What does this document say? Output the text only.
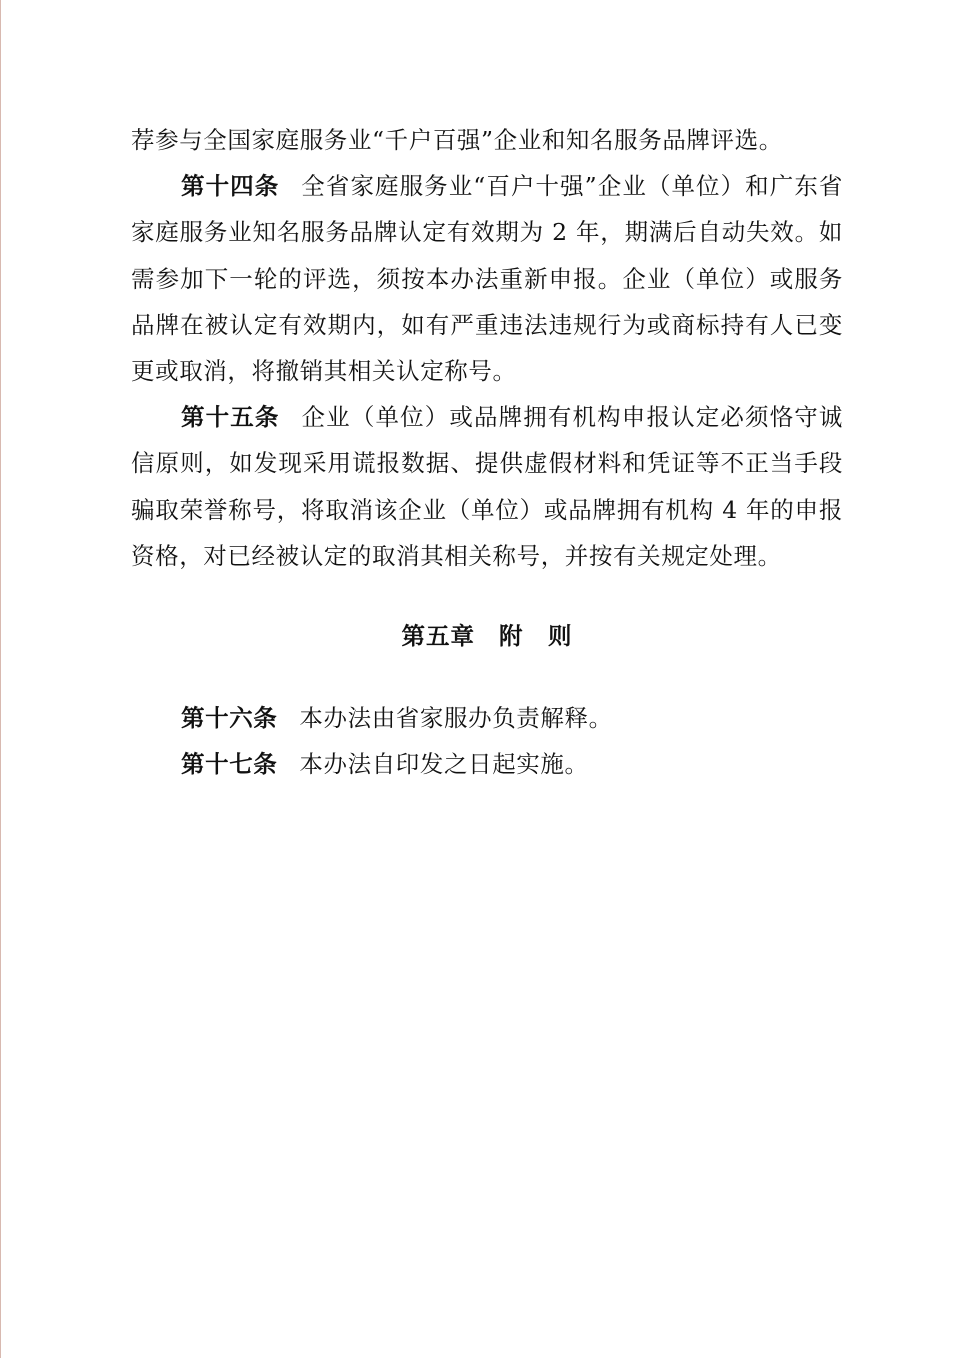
荐参与全国家庭服务业“千户百强”企业和知名服务品牌评选。

第十四条 全省家庭服务业“百户十强”企业（单位）和广东省家庭服务业知名服务品牌认定有效期为 2 年，期满后自动失效。如需参加下一轮的评选，须按本办法重新申报。企业（单位）或服务品牌在被认定有效期内，如有严重违法违规行为或商标持有人已变更或取消，将撤销其相关认定称号。

第十五条 企业（单位）或品牌拥有机构申报认定必须恪守诚信原则，如发现采用谎报数据、提供虚假材料和凭证等不正当手段骗取荣誉称号，将取消该企业（单位）或品牌拥有机构 4 年的申报资格，对已经被认定的取消其相关称号，并按有关规定处理。

第五章 附　则

第十六条 本办法由省家服办负责解释。

第十七条 本办法自印发之日起实施。
